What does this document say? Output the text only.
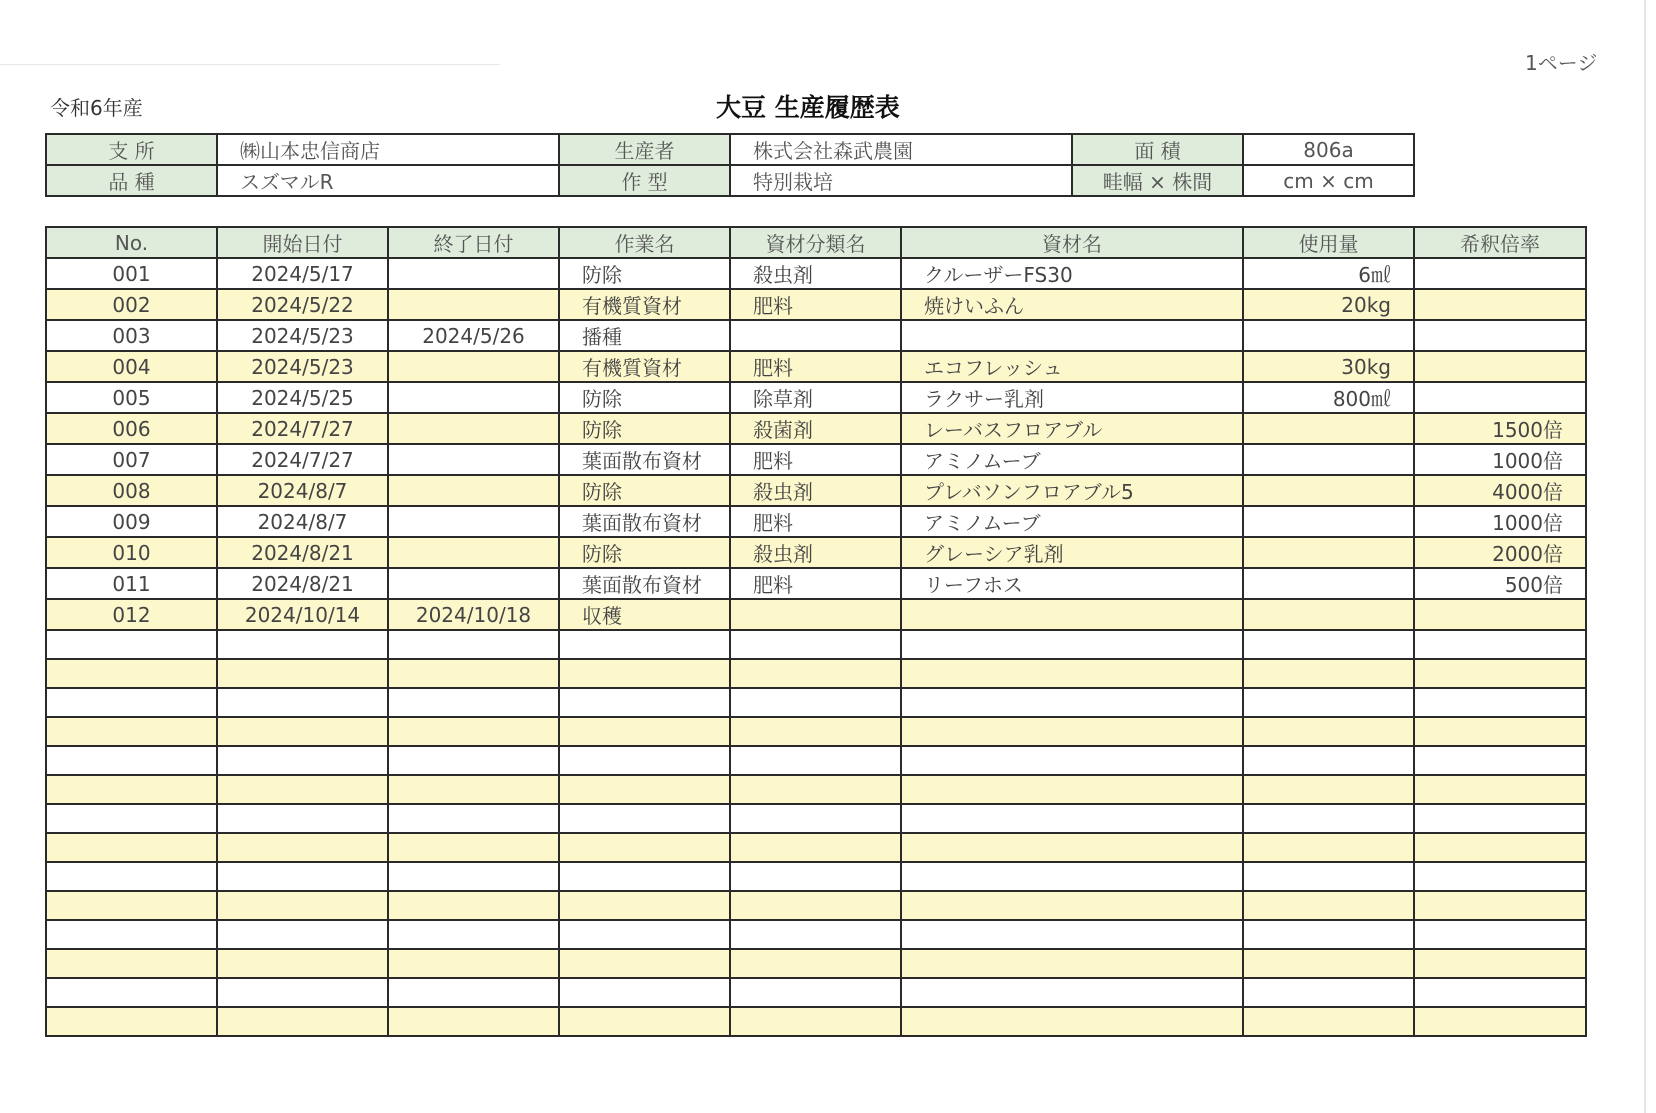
1ページ
令和6年産	大豆 生産履歴表
支 所	㈱山本忠信商店	生産者	株式会社森武農園	面 積	806a
品 種	スズマルR	作 型	特別栽培	畦幅 × 株間	cm × cm
No.	開始日付	終了日付	作業名	資材分類名	資材名	使用量	希釈倍率
001	2024/5/17		防除	殺虫剤	クルーザーFS30	6㎖	
002	2024/5/22		有機質資材	肥料	焼けいふん	20kg	
003	2024/5/23	2024/5/26	播種				
004	2024/5/23		有機質資材	肥料	エコフレッシュ	30kg	
005	2024/5/25		防除	除草剤	ラクサー乳剤	800㎖	
006	2024/7/27		防除	殺菌剤	レーバスフロアブル		1500倍
007	2024/7/27		葉面散布資材	肥料	アミノムーブ		1000倍
008	2024/8/7		防除	殺虫剤	プレバソンフロアブル5		4000倍
009	2024/8/7		葉面散布資材	肥料	アミノムーブ		1000倍
010	2024/8/21		防除	殺虫剤	グレーシア乳剤		2000倍
011	2024/8/21		葉面散布資材	肥料	リーフホス		500倍
012	2024/10/14	2024/10/18	収穫				
